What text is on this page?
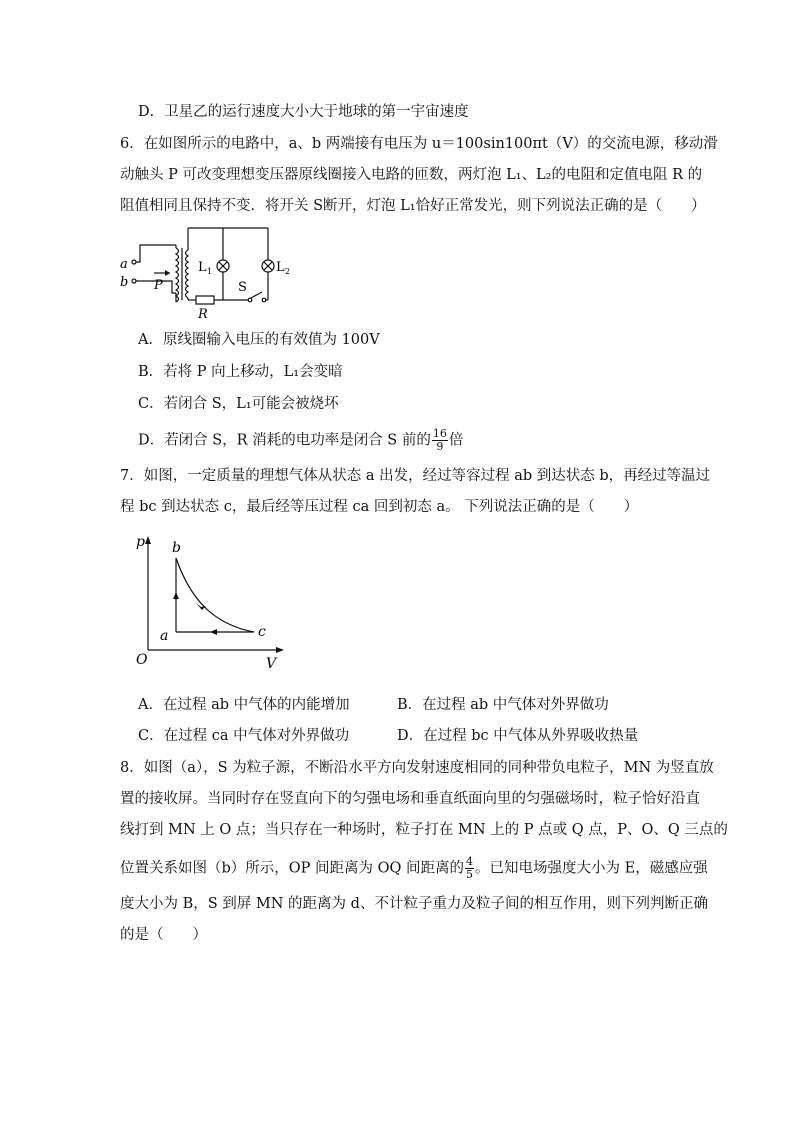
D．卫星乙的运行速度大小大于地球的第一宇宙速度
6．在如图所示的电路中，a、b 两端接有电压为 u＝100sin100πt（V）的交流电源，移动滑
动触头 P 可改变理想变压器原线圈接入电路的匝数，两灯泡 L₁、L₂的电阻和定值电阻 R 的
阻值相同且保持不变．将开关 S断开，灯泡 L₁恰好正常发光，则下列说法正确的是（　　）
a
b P
L 1	L 2
R
S
A．原线圈输入电压的有效值为 100V
B．若将 P 向上移动，L₁会变暗
C．若闭合 S，L₁可能会被烧坏
D．若闭合 S，R 消耗的电功率是闭合 S 前的 $\frac{16}{9}$ 倍
7．如图，一定质量的理想气体从状态 a 出发，经过等容过程 ab 到达状态 b，再经过等温过
程 bc 到达状态 c，最后经等压过程 ca 回到初态 a。 下列说法正确的是（　　）
p
V
O
a
b
c
A．在过程 ab 中气体的内能增加	B．在过程 ab 中气体对外界做功
C．在过程 ca 中气体对外界做功	D．在过程 bc 中气体从外界吸收热量
8．如图（a），S 为粒子源，不断沿水平方向发射速度相同的同种带负电粒子，MN 为竖直放
置的接收屏。当同时存在竖直向下的匀强电场和垂直纸面向里的匀强磁场时，粒子恰好沿直
线打到 MN 上 O 点；当只存在一种场时，粒子打在 MN 上的 P 点或 Q 点，P、O、Q 三点的
位置关系如图（b）所示，OP 间距离为 OQ 间距离的 $\frac{4}{5}$ 。已知电场强度大小为 E，磁感应强
度大小为 B，S 到屏 MN 的距离为 d、不计粒子重力及粒子间的相互作用，则下列判断正确
的是（　　）
